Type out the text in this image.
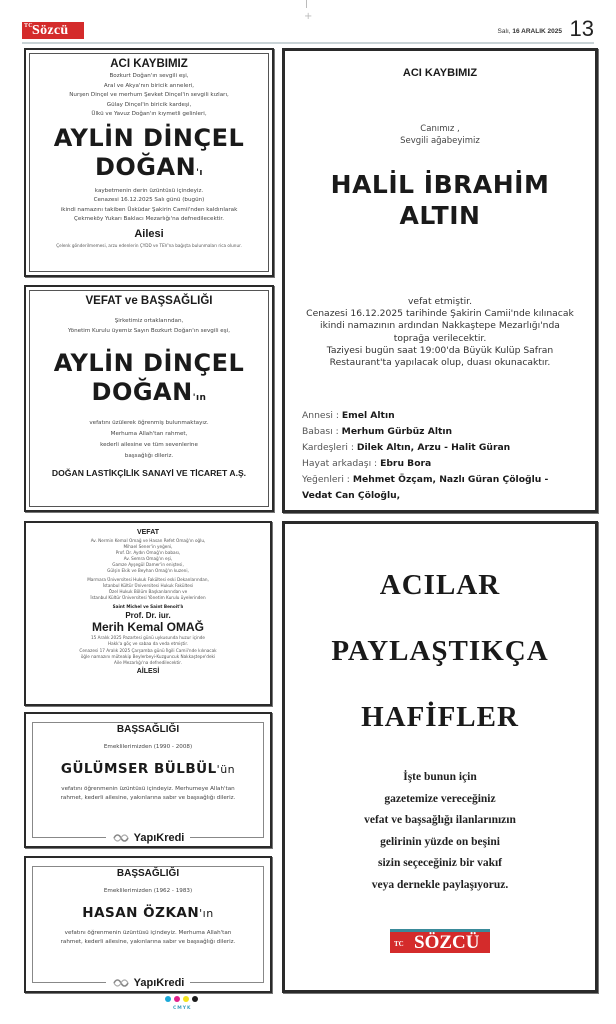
+
TC Sözcü	Salı, 16 ARALIK 2025 13
ACI KAYBIMIZ
Bozkurt Doğan'ın sevgili eşi,
Aral ve Akya'nın biricik anneleri,
Nurşen Dinçel ve merhum Şevket Dinçel'in sevgili kızları,
Gülay Dinçel'in biricik kardeşi,
Ülkü ve Yavuz Doğan'ın kıymetli gelinleri,
AYLİN DİNÇEL
DOĞAN'ı
kaybetmenin derin üzüntüsü içindeyiz.
Cenazesi 16.12.2025 Salı günü (bugün)
ikindi namazını takiben Üsküdar Şakirin Camii'nden kaldırılarak
Çekmeköy Yukarı Baklacı Mezarlığı'na defnedilecektir.
Ailesi
Çelenk gönderilmemesi, arzu edenlerin ÇYDD ve TEV'na bağışta bulunmaları rica olunur.
VEFAT ve BAŞSAĞLIĞI
Şirketimiz ortaklarından,
Yönetim Kurulu üyemiz Sayın Bozkurt Doğan'ın sevgili eşi,
AYLİN DİNÇEL
DOĞAN'ın
vefatını üzülerek öğrenmiş bulunmaktayız.
Merhuma Allah'tan rahmet,
kederli ailesine ve tüm sevenlerine
başsağlığı dileriz.
DOĞAN LASTİKÇİLİK SANAYİ VE TİCARET A.Ş.
VEFAT
Av. Nermin Kemal Omağ ve Hasan Refet Omağ'ın oğlu,
Mihael Sener'in yeğeni,
Prof. Dr. Aydın Omağ'ın babası,
Av. Semra Omağ'ın eşi,
Gamze Ayşegül Damer'in eniştesi,
Gülşin Ekik ve Beyhan Omağ'ın kuzeni,
Marmara Üniversitesi Hukuk Fakültesi eski Dekanlarından,
İstanbul Kültür Üniversitesi Hukuk Fakültesi
Özel Hukuk Bölüm Başkanlarından ve
İstanbul Kültür Üniversitesi Yönetim Kurulu üyelerinden
Saint Michel ve Saint Benoit'lı
Prof. Dr. iur.
Merih Kemal OMAĞ
15 Aralık 2025 Pazartesi günü uykusunda huzur içinde
Hakk'a göç ve sabaa da veda etmiştir.
Cenazesi 17 Aralık 2025 Çarşamba günü İlgili Camii'nde kılınacak
öğle namazını müteakip Beylerbeyi-Kuzguncuk Nakkaştepe'deki
Aile Mezarlığı'na defnedilecektir.
AİLESİ
BAŞSAĞLIĞI
Emeklilerimizden (1990 - 2008)
GÜLÜMSER BÜLBÜL'ün
vefatını öğrenmenin üzüntüsü içindeyiz. Merhumeye Allah'tan
rahmet, kederli ailesine, yakınlarına sabır ve başsağlığı dileriz.
YapıKredi
BAŞSAĞLIĞI
Emeklilerimizden (1962 - 1983)
HASAN ÖZKAN'ın
vefatını öğrenmenin üzüntüsü içindeyiz. Merhuma Allah'tan
rahmet, kederli ailesine, yakınlarına sabır ve başsağlığı dileriz.
YapıKredi
ACI KAYBIMIZ
Canımız ,
Sevgili ağabeyimiz
HALİL İBRAHİM
ALTIN
vefat etmiştir.
Cenazesi 16.12.2025 tarihinde Şakirin Camii'nde kılınacak
ikindi namazının ardından Nakkaştepe Mezarlığı'nda
toprağa verilecektir.
Taziyesi bugün saat 19:00'da Büyük Kulüp Safran
Restaurant'ta yapılacak olup, duası okunacaktır.
Annesi : Emel Altın
Babası : Merhum Gürbüz Altın
Kardeşleri : Dilek Altın, Arzu - Halit Güran
Hayat arkadaşı : Ebru Bora
Yeğenleri : Mehmet Özçam, Nazlı Güran Çöloğlu -
Vedat Can Çöloğlu,
ACILAR
PAYLAŞTIKÇA
HAFİFLER
İşte bunun için
gazetemize vereceğiniz
vefat ve başsağlığı ilanlarınızın
gelirinin yüzde on beşini
sizin seçeceğiniz bir vakıf
veya dernekle paylaşıyoruz.
TC SÖZCÜ
CMYK
